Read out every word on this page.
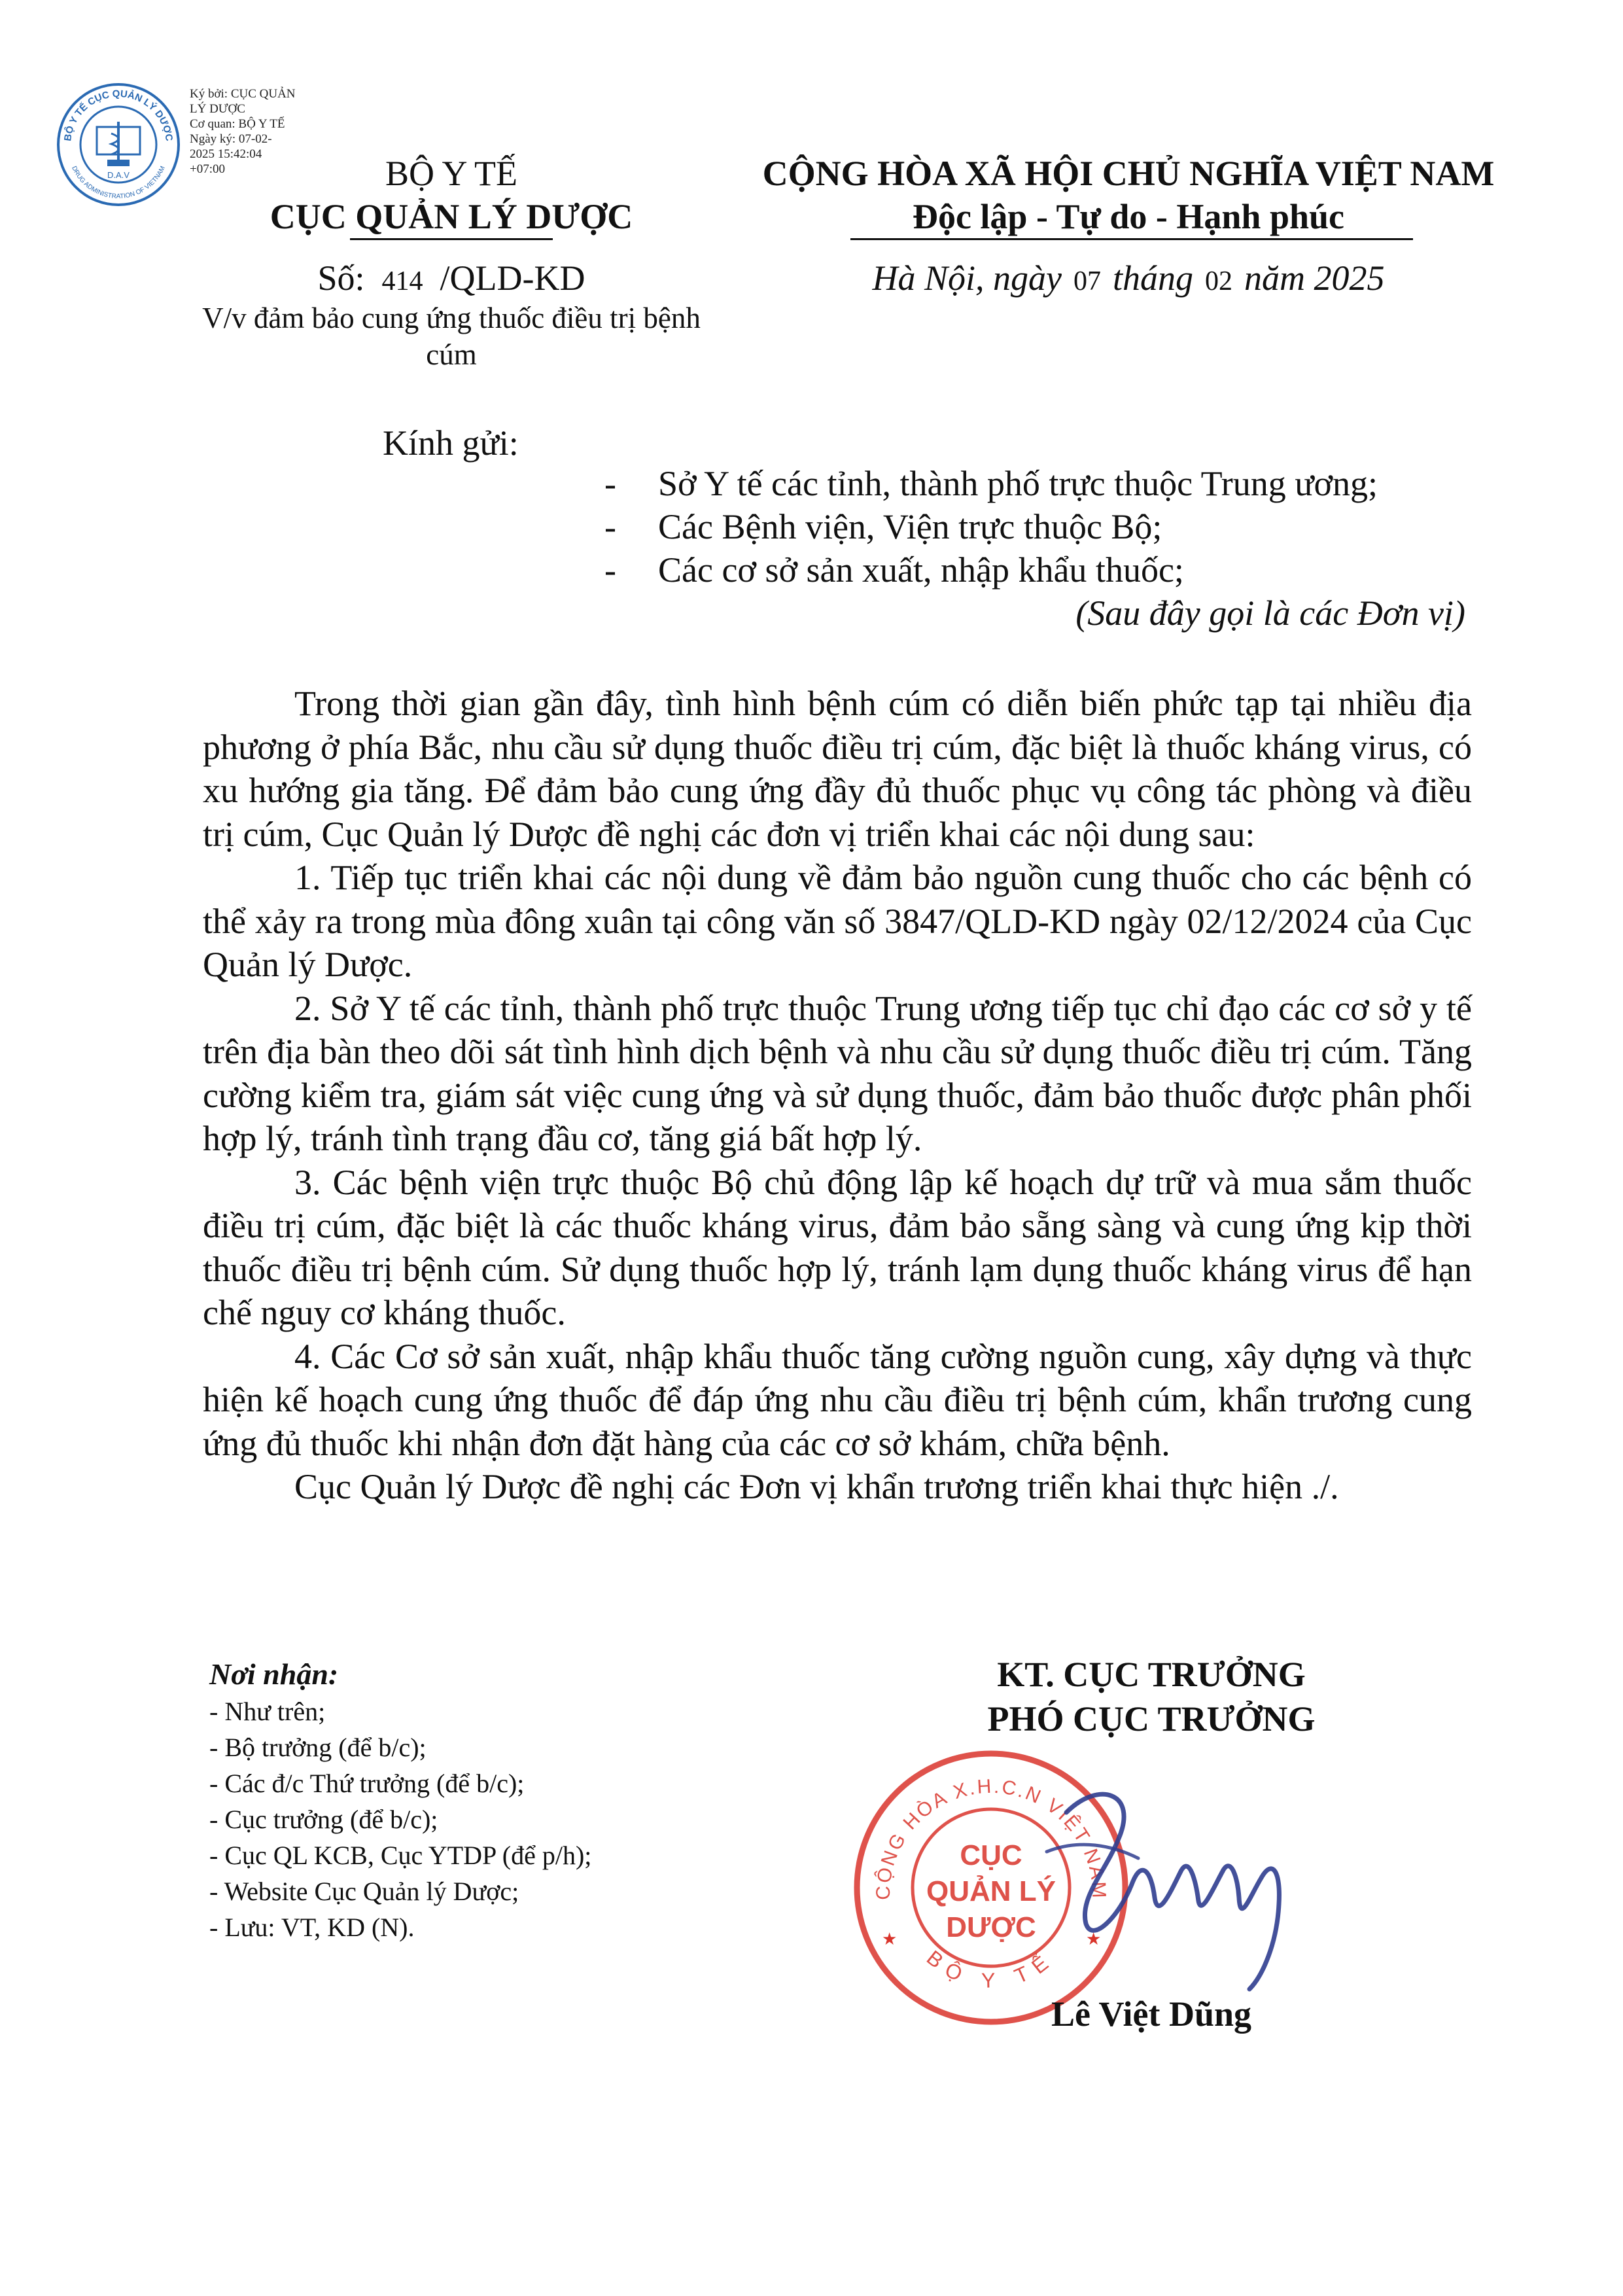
BỘ Y TẾ CỤC QUẢN LÝ DƯỢC
DRUG ADMINISTRATION OF VIETNAM
D.A.V
Ký bởi: CỤC QUẢN
LÝ DƯỢC
Cơ quan: BỘ Y TẾ
Ngày ký: 07-02-
2025 15:42:04
+07:00	BỘ Y TẾ
CỤC QUẢN LÝ DƯỢC
CỘNG HÒA XÃ HỘI CHỦ NGHĨA VIỆT NAM
Độc lập - Tự do - Hạnh phúc
Số: 414 /QLD-KD	Hà Nội, ngày 07 tháng 02 năm 2025
V/v đảm bảo cung ứng thuốc điều trị bệnh cúm
Kính gửi:
- Sở Y tế các tỉnh, thành phố trực thuộc Trung ương;
- Các Bệnh viện, Viện trực thuộc Bộ;
- Các cơ sở sản xuất, nhập khẩu thuốc;
(Sau đây gọi là các Đơn vị)

Trong thời gian gần đây, tình hình bệnh cúm có diễn biến phức tạp tại nhiều địa phương ở phía Bắc, nhu cầu sử dụng thuốc điều trị cúm, đặc biệt là thuốc kháng virus, có xu hướng gia tăng. Để đảm bảo cung ứng đầy đủ thuốc phục vụ công tác phòng và điều trị cúm, Cục Quản lý Dược đề nghị các đơn vị triển khai các nội dung sau:

1. Tiếp tục triển khai các nội dung về đảm bảo nguồn cung thuốc cho các bệnh có thể xảy ra trong mùa đông xuân tại công văn số 3847/QLD-KD ngày 02/12/2024 của Cục Quản lý Dược.

2. Sở Y tế các tỉnh, thành phố trực thuộc Trung ương tiếp tục chỉ đạo các cơ sở y tế trên địa bàn theo dõi sát tình hình dịch bệnh và nhu cầu sử dụng thuốc điều trị cúm. Tăng cường kiểm tra, giám sát việc cung ứng và sử dụng thuốc, đảm bảo thuốc được phân phối hợp lý, tránh tình trạng đầu cơ, tăng giá bất hợp lý.

3. Các bệnh viện trực thuộc Bộ chủ động lập kế hoạch dự trữ và mua sắm thuốc điều trị cúm, đặc biệt là các thuốc kháng virus, đảm bảo sẵng sàng và cung ứng kịp thời thuốc điều trị bệnh cúm. Sử dụng thuốc hợp lý, tránh lạm dụng thuốc kháng virus để hạn chế nguy cơ kháng thuốc.

4. Các Cơ sở sản xuất, nhập khẩu thuốc tăng cường nguồn cung, xây dựng và thực hiện kế hoạch cung ứng thuốc để đáp ứng nhu cầu điều trị bệnh cúm, khẩn trương cung ứng đủ thuốc khi nhận đơn đặt hàng của các cơ sở khám, chữa bệnh.

Cục Quản lý Dược đề nghị các Đơn vị khẩn trương triển khai thực hiện ./.

Nơi nhận:
- Như trên;
- Bộ trưởng (để b/c);
- Các đ/c Thứ trưởng (để b/c);
- Cục trưởng (để b/c);
- Cục QL KCB, Cục YTDP (để p/h);
- Website Cục Quản lý Dược;
- Lưu: VT, KD (N).
KT. CỤC TRƯỞNG
PHÓ CỤC TRƯỞNG
CỘNG HÒA X.H.C.N VIỆT NAM
BỘ Y TẾ
CỤC
QUẢN LÝ
DƯỢC
★	★
Lê Việt Dũng
